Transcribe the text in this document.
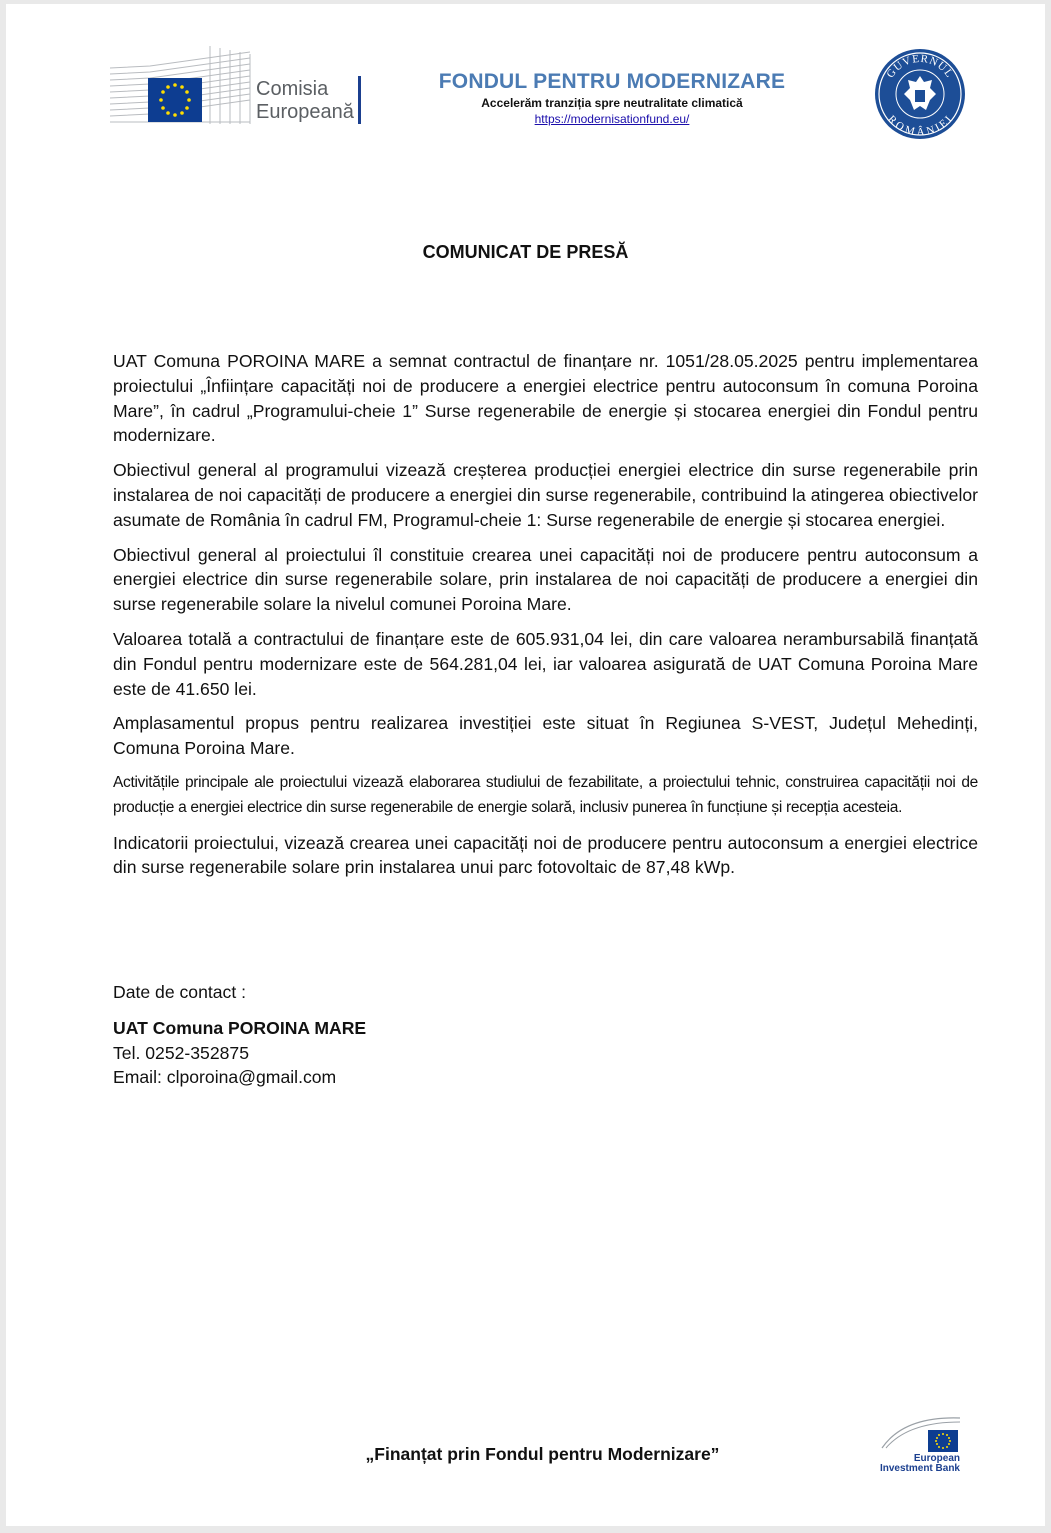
Comisia
Europeană
FONDUL PENTRU MODERNIZARE
Accelerăm tranziția spre neutralitate climatică
https://modernisationfund.eu/
GUVERNUL
ROMÂNIEI
COMUNICAT DE PRESĂ

UAT Comuna POROINA MARE a semnat contractul de finanțare nr. 1051/28.05.2025 pentru implementarea proiectului „Înființare capacități noi de producere a energiei electrice pentru autoconsum în comuna Poroina Mare”, în cadrul „Programului-cheie 1” Surse regenerabile de energie și stocarea energiei din Fondul pentru modernizare.

Obiectivul general al programului vizează creșterea producției energiei electrice din surse regenerabile prin instalarea de noi capacități de producere a energiei din surse regenerabile, contribuind la atingerea obiectivelor asumate de România în cadrul FM, Programul-cheie 1: Surse regenerabile de energie și stocarea energiei.

Obiectivul general al proiectului îl constituie crearea unei capacități noi de producere pentru autoconsum a energiei electrice din surse regenerabile solare, prin instalarea de noi capacități de producere a energiei din surse regenerabile solare la nivelul comunei Poroina Mare.

Valoarea totală a contractului de finanțare este de 605.931,04 lei, din care valoarea nerambursabilă finanțată din Fondul pentru modernizare este de 564.281,04 lei, iar valoarea asigurată de UAT Comuna Poroina Mare este de 41.650 lei.

Amplasamentul propus pentru realizarea investiției este situat în Regiunea S-VEST, Județul Mehedinți, Comuna Poroina Mare.

Activitățile principale ale proiectului vizează elaborarea studiului de fezabilitate, a proiectului tehnic, construirea capacității noi de producție a energiei electrice din surse regenerabile de energie solară, inclusiv punerea în funcțiune și recepția acesteia.

Indicatorii proiectului, vizează crearea unei capacități noi de producere pentru autoconsum a energiei electrice din surse regenerabile solare prin instalarea unui parc fotovoltaic de 87,48 kWp.

Date de contact :
UAT Comuna POROINA MARE
Tel. 0252-352875
Email: clporoina@gmail.com
„Finanțat prin Fondul pentru Modernizare”	European
Investment Bank
